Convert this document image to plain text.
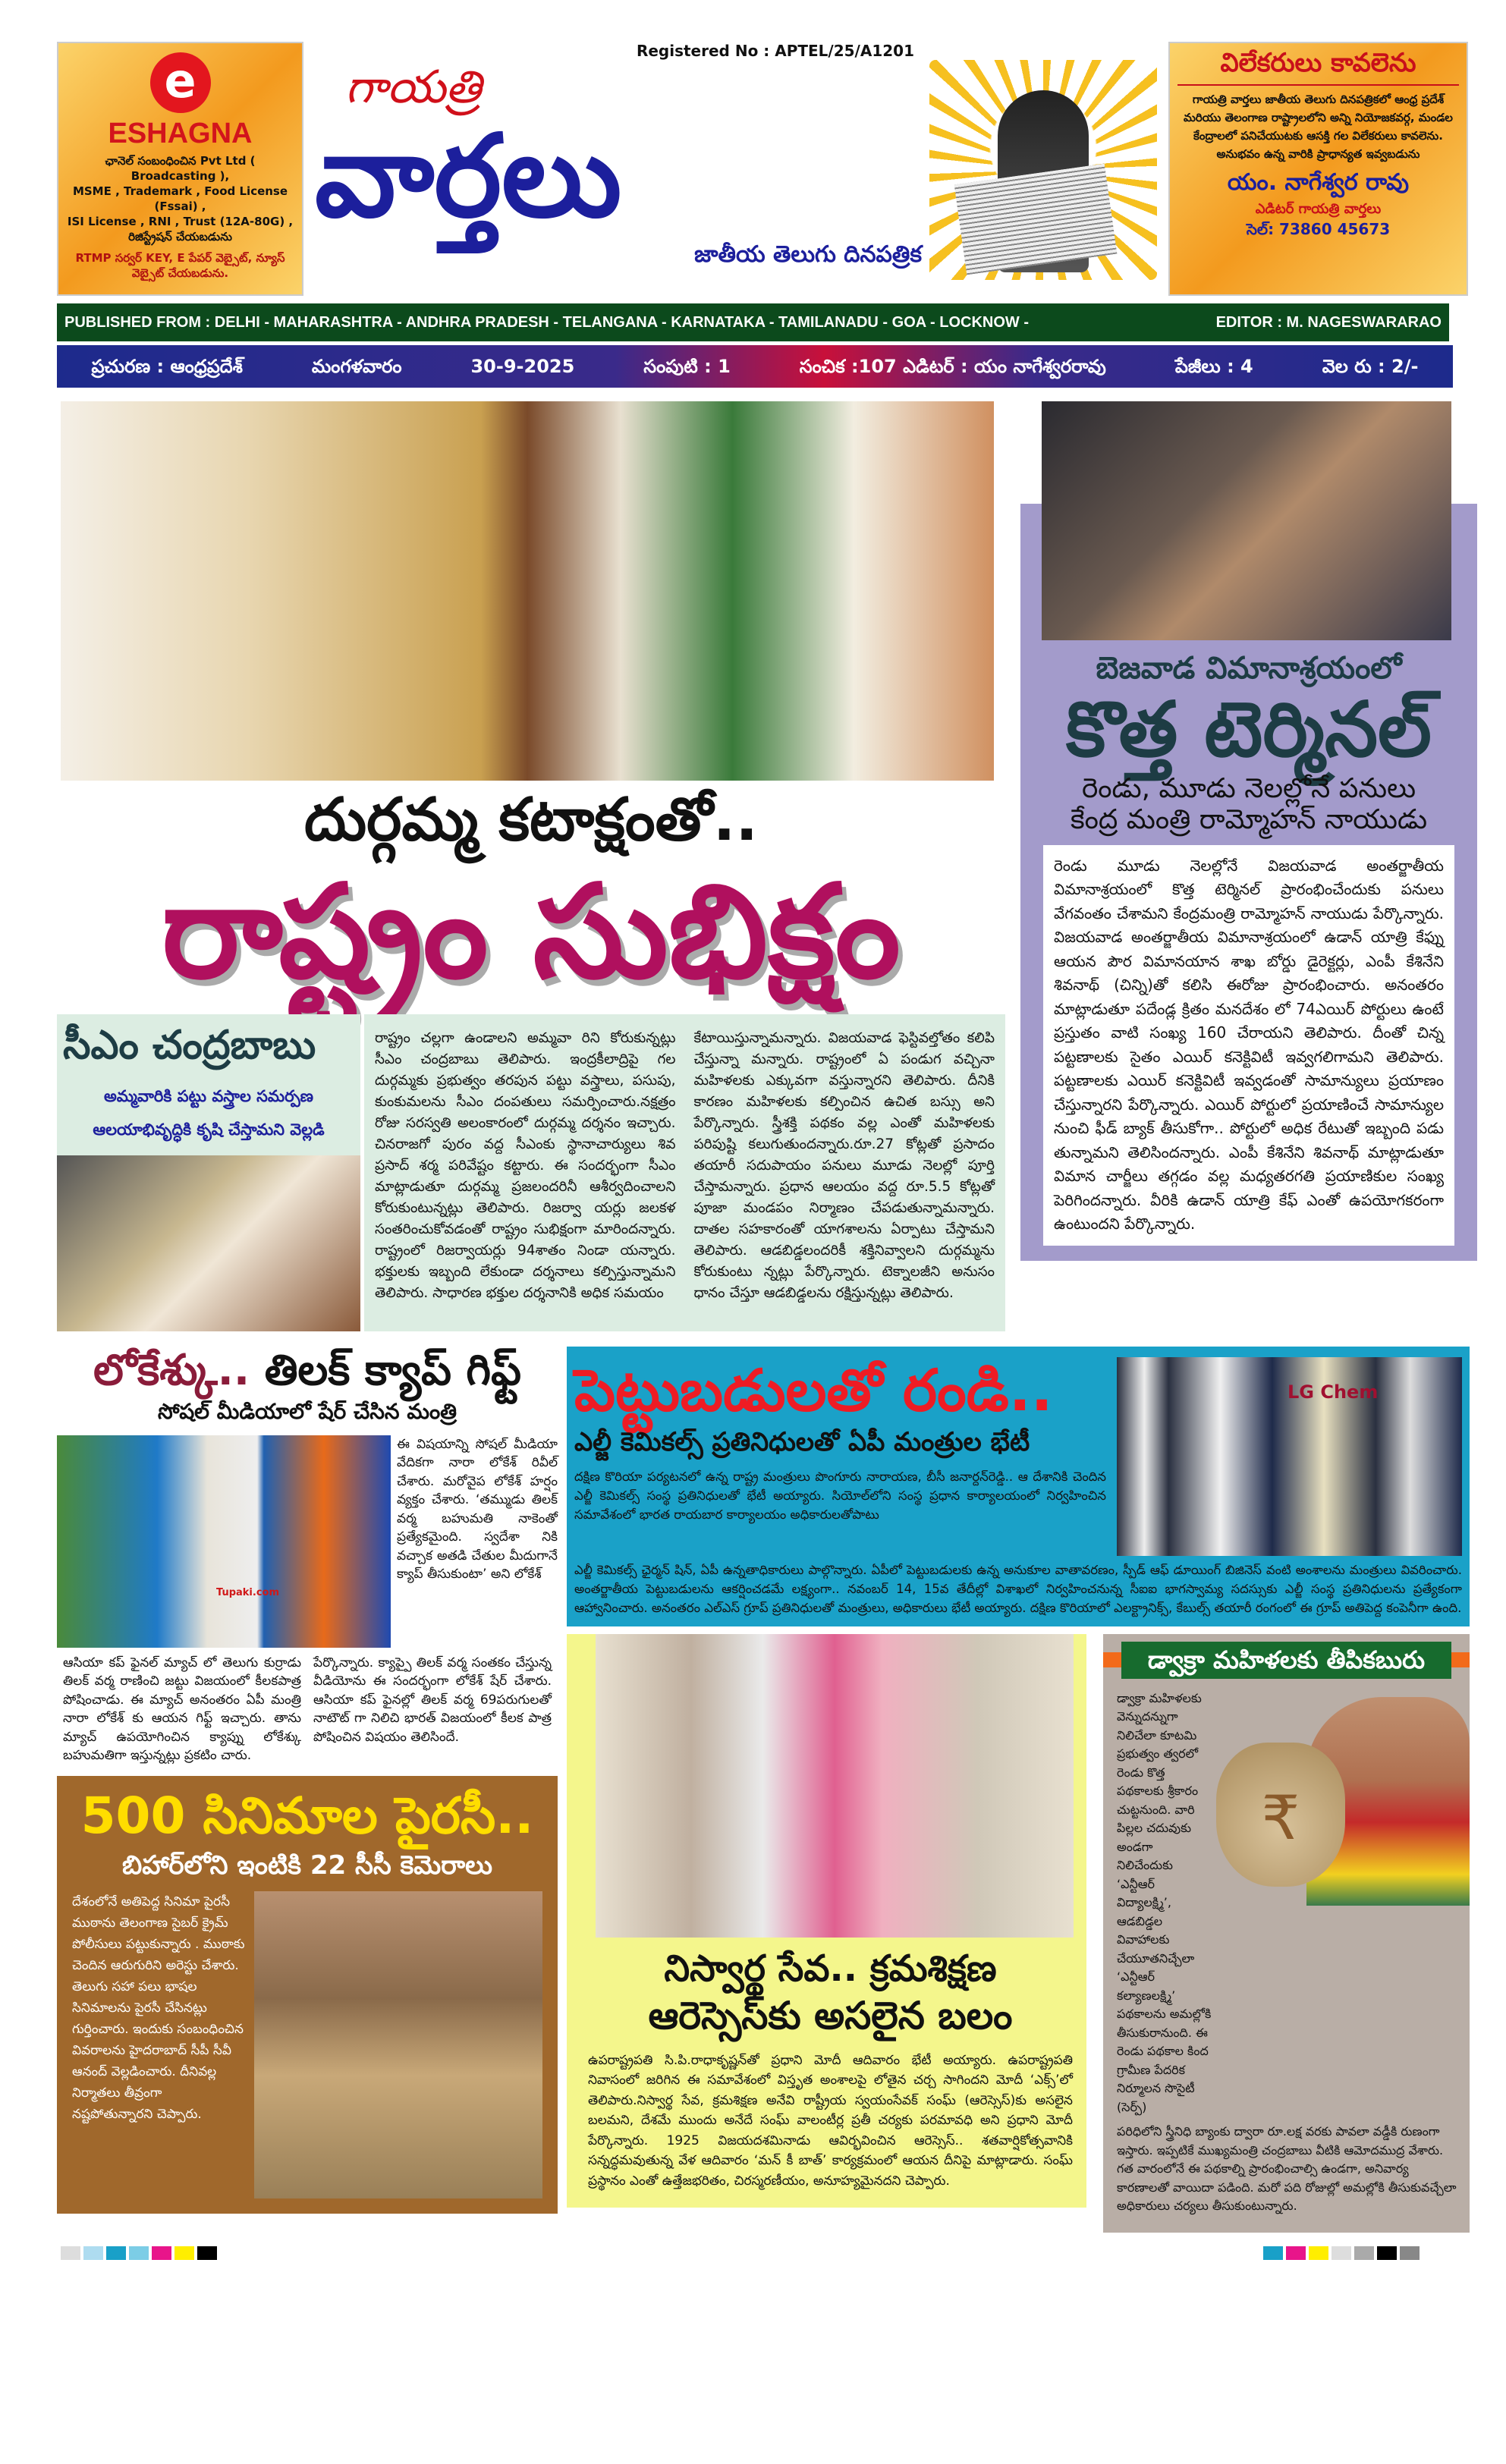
e
ESHAGNA
ఛానెల్ సంబంధించిన Pvt Ltd ( Broadcasting ),
MSME , Trademark , Food License (Fssai) ,
ISI License , RNI , Trust (12A-80G) ,
రిజిస్ట్రేషన్ చేయబడును
RTMP సర్వర్ KEY, E పేపర్ వెబ్సైట్, న్యూస్ వెబ్సైట్ చేయబడును.
Registered No : APTEL/25/A1201
గాయత్రి
వార్తలు
జాతీయ తెలుగు దినపత్రిక
విలేకరులు కావలెను
గాయత్రి వార్తలు జాతీయ తెలుగు దినపత్రికలో ఆంధ్ర ప్రదేశ్ మరియు తెలంగాణ రాష్ట్రాలలోని అన్ని నియోజకవర్గ, మండల కేంద్రాలలో పనిచేయుటకు ఆసక్తి గల విలేకరులు కావలెను. అనుభవం ఉన్న వారికి ప్రాధాన్యత ఇవ్వబడును
యం. నాగేశ్వర రావు
ఎడిటర్ గాయత్రి వార్తలు
సెల్: 73860 45673
PUBLISHED FROM : DELHI - MAHARASHTRA - ANDHRA PRADESH - TELANGANA - KARNATAKA - TAMILANADU - GOA - LOCKNOW -	EDITOR : M. NAGESWARARAO
ప్రచురణ : ఆంధ్రప్రదేశ్	మంగళవారం	30-9-2025	సంపుటి : 1	సంచిక :107 ఎడిటర్ : యం నాగేశ్వరరావు	పేజీలు : 4	వెల రు : 2/-
దుర్గమ్మ కటాక్షంతో..
రాష్ట్రం సుభిక్షం
సీఎం చంద్రబాబు
అమ్మవారికి పట్టు వస్త్రాల సమర్పణ
ఆలయాభివృద్ధికి కృషి చేస్తామని వెల్లడి
రాష్ట్రం చల్లగా ఉండాలని అమ్మవా రిని కోరుకున్నట్లు సీఎం చంద్రబాబు తెలిపారు. ఇంద్రకీలాద్రిపై గల దుర్గమ్మకు ప్రభుత్వం తరపున పట్టు వస్త్రాలు, పసుపు, కుంకుమలను సీఎం దంపతులు సమర్పించారు.నక్షత్రం రోజు సరస్వతి అలంకారంలో దుర్గమ్మ దర్శనం ఇచ్చారు. చినరాజగో పురం వద్ద సీఎంకు స్థానాచార్యులు శివ ప్రసాద్ శర్మ పరివేష్టం కట్టారు. ఈ సందర్భంగా సీఎం మాట్లాడుతూ దుర్గమ్మ ప్రజలందరినీ ఆశీర్వదించాలని కోరుకుంటున్నట్లు తెలిపారు. రిజర్వా యర్లు జలకళ సంతరించుకోవడంతో రాష్ట్రం సుభిక్షంగా మారిందన్నారు. రాష్ట్రంలో రిజర్వాయర్లు 94శాతం నిండా యన్నారు. భక్తులకు ఇబ్బంది లేకుండా దర్శనాలు కల్పిస్తున్నామని తెలిపారు. సాధారణ భక్తుల దర్శనానికి అధిక సమయం
కేటాయిస్తున్నామన్నారు. విజయవాడ ఫెస్టివల్తోతం కలిపి చేస్తున్నా మన్నారు. రాష్ట్రంలో ఏ పండుగ వచ్చినా మహిళలకు ఎక్కువగా వస్తున్నారని తెలిపారు. దీనికి కారణం మహిళలకు కల్పించిన ఉచిత బస్సు అని పేర్కొన్నారు. స్త్రీశక్తి పథకం వల్ల ఎంతో మహిళలకు పరిపుష్టి కలుగుతుందన్నారు.రూ.27 కోట్లతో ప్రసాదం తయారీ సదుపాయం పనులు మూడు నెలల్లో పూర్తి చేస్తామన్నారు. ప్రధాన ఆలయం వద్ద రూ.5.5 కోట్లతో పూజా మండపం నిర్మాణం చేపడుతున్నామన్నారు. దాతల సహకారంతో యాగశాలను ఏర్పాటు చేస్తామని తెలిపారు. ఆడబిడ్డలందరికీ శక్తినివ్వాలని దుర్గమ్మను కోరుకుంటు న్నట్లు పేర్కొన్నారు. టెక్నాలజీని అనుసం ధానం చేస్తూ ఆడబిడ్డలను రక్షిస్తున్నట్లు తెలిపారు.
బెజవాడ విమానాశ్రయంలో
కొత్త టెర్మినల్
రెండు, మూడు నెలల్లోనే పనులు
కేంద్ర మంత్రి రామ్మోహన్ నాయుడు
రెండు మూడు నెలల్లోనే విజయవాడ అంతర్జాతీయ విమానాశ్రయంలో కొత్త టెర్మినల్ ప్రారంభించేందుకు పనులు వేగవంతం చేశామని కేంద్రమంత్రి రామ్మోహన్ నాయుడు పేర్కొన్నారు. విజయవాడ అంతర్జాతీయ విమానాశ్రయంలో ఉడాన్ యాత్రి కేఫ్ను ఆయన పౌర విమానయాన శాఖ బోర్డు డైరెక్టర్లు, ఎంపీ కేశినేని శివనాథ్ (చిన్ని)తో కలిసి ఈరోజు ప్రారంభించారు. అనంతరం మాట్లాడుతూ పదేండ్ల క్రితం మనదేశం లో 74ఎయిర్ పోర్టులు ఉంటే ప్రస్తుతం వాటి సంఖ్య 160 చేరాయని తెలిపారు. దీంతో చిన్న పట్టణాలకు సైతం ఎయిర్ కనెక్టివిటీ ఇవ్వగలిగామని తెలిపారు. పట్టణాలకు ఎయిర్ కనెక్టివిటీ ఇవ్వడంతో సామాన్యులు ప్రయాణం చేస్తున్నారని పేర్కొన్నారు. ఎయిర్ పోర్టులో ప్రయాణించే సామాన్యుల నుంచి ఫీడ్ బ్యాక్ తీసుకోగా.. పోర్టులో అధిక రేటుతో ఇబ్బంది పడు తున్నామని తెలిసిందన్నారు. ఎంపీ కేశినేని శివనాథ్ మాట్లాడుతూ విమాన చార్జీలు తగ్గడం వల్ల మధ్యతరగతి ప్రయాణికుల సంఖ్య పెరిగిందన్నారు. వీరికి ఉడాన్ యాత్రి కేఫ్ ఎంతో ఉపయోగకరంగా ఉంటుందని పేర్కొన్నారు.
లోకేశ్కు.. తిలక్ క్యాప్ గిఫ్ట్
సోషల్ మీడియాలో షేర్ చేసిన మంత్రి
Tupaki.com
ఈ విషయాన్ని సోషల్ మీడియా వేదికగా నారా లోకేశ్ రివీల్ చేశారు. మరోవైప లోకేశ్ హర్షం వ్యక్తం చేశారు. ‘తమ్ముడు తిలక్ వర్మ బహుమతి నాకెంతో ప్రత్యేకమైంది. స్వదేశా నికి వచ్చాక అతడి చేతుల మీదుగానే క్యాప్ తీసుకుంటా’ అని లోకేశ్
ఆసియా కప్ ఫైనల్ మ్యాచ్ లో తెలుగు కుర్రాడు తిలక్ వర్మ రాణించి జట్టు విజయంలో కీలకపాత్ర పోషించాడు. ఈ మ్యాచ్ అనంతరం ఏపీ మంత్రి నారా లోకేశ్ కు ఆయన గిఫ్ట్ ఇచ్చారు. తాను మ్యాచ్ ఉపయోగించిన క్యాప్ను లోకేశ్కు బహుమతిగా ఇస్తున్నట్లు ప్రకటిం చారు.
పేర్కొన్నారు. క్యాప్పై తిలక్ వర్మ సంతకం చేస్తున్న వీడియోను ఈ సందర్భంగా లోకేశ్ షేర్ చేశారు. ఆసియా కప్ ఫైనల్లో తిలక్ వర్మ 69పరుగులతో నాటౌట్ గా నిలిచి భారత్ విజయంలో కీలక పాత్ర పోషించిన విషయం తెలిసిందే.
500 సినిమాల పైరసీ..
బిహార్‌లోని ఇంటికి 22 సీసీ కెమెరాలు
దేశంలోనే అతిపెద్ద సినిమా పైరసీ ముఠాను తెలంగాణ సైబర్ క్రైమ్ పోలీసులు పట్టుకున్నారు . ముఠాకు చెందిన ఆరుగురిని అరెస్టు చేశారు. తెలుగు సహా పలు భాషల సినిమాలను పైరసీ చేసినట్లు గుర్తించారు. ఇందుకు సంబంధించిన వివరాలను హైదరాబాద్ సీపీ సీవీ ఆనంద్ వెల్లడించారు. దీనివల్ల నిర్మాతలు తీవ్రంగా నష్టపోతున్నారని చెప్పారు.
పెట్టుబడులతో రండి..
ఎల్జీ కెమికల్స్ ప్రతినిధులతో ఏపీ మంత్రుల భేటీ
దక్షిణ కొరియా పర్యటనలో ఉన్న రాష్ట్ర మంత్రులు పొంగూరు నారాయణ, బీసీ జనార్దన్‌రెడ్డి.. ఆ దేశానికి చెందిన ఎల్జీ కెమికల్స్ సంస్థ ప్రతినిధులతో భేటీ అయ్యారు. సియోల్‌లోని సంస్థ ప్రధాన కార్యాలయంలో నిర్వహించిన సమావేశంలో భారత రాయబార కార్యాలయం అధికారులతోపాటు
LG Chem
ఎల్జీ కెమికల్స్ ఛైర్మన్ షిన్, ఏపీ ఉన్నతాధికారులు పాల్గొన్నారు. ఏపీలో పెట్టుబడులకు ఉన్న అనుకూల వాతావరణం, స్పీడ్ ఆఫ్ డూయింగ్ బిజినెస్ వంటి అంశాలను మంత్రులు వివరించారు. అంతర్జాతీయ పెట్టుబడులను ఆకర్షించడమే లక్ష్యంగా.. నవంబర్ 14, 15వ తేదీల్లో విశాఖలో నిర్వహించనున్న సీఐఐ భాగస్వామ్య సదస్సుకు ఎల్జీ సంస్థ ప్రతినిధులను ప్రత్యేకంగా ఆహ్వానించారు. అనంతరం ఎల్ఎస్ గ్రూప్ ప్రతినిధులతో మంత్రులు, అధికారులు భేటీ అయ్యారు. దక్షిణ కొరియాలో ఎలక్ట్రానిక్స్, కేబుల్స్ తయారీ రంగంలో ఈ గ్రూప్ అతిపెద్ద కంపెనీగా ఉంది.
నిస్వార్థ సేవ.. క్రమశిక్షణ
ఆరెస్సెస్‌కు అసలైన బలం
ఉపరాష్ట్రపతి సి.పి.రాధాకృష్ణన్‌తో ప్రధాని మోదీ ఆదివారం భేటీ అయ్యారు. ఉపరాష్ట్రపతి నివాసంలో జరిగిన ఈ సమావేశంలో విస్తృత అంశాలపై లోతైన చర్చ సాగిందని మోదీ ‘ఎక్స్’లో తెలిపారు.నిస్వార్థ సేవ, క్రమశిక్షణ అనేవి రాష్ట్రీయ స్వయంసేవక్ సంఘ్ (ఆరెస్సెస్)కు అసలైన బలమని, దేశమే ముందు అనేదే సంఘ్ వాలంటీర్ల ప్రతీ చర్యకు పరమావధి అని ప్రధాని మోదీ పేర్కొన్నారు. 1925 విజయదశమినాడు ఆవిర్భవించిన ఆరెస్సెస్.. శతవార్షికోత్సవానికి సన్నద్ధమవుతున్న వేళ ఆదివారం ‘మన్ కీ బాత్’ కార్యక్రమంలో ఆయన దీనిపై మాట్లాడారు. సంఘ్ ప్రస్థానం ఎంతో ఉత్తేజభరితం, చిరస్మరణీయం, అనూహ్యమైనదని చెప్పారు.
డ్వాక్రా మహిళలకు తీపికబురు
డ్వాక్రా మహిళలకు వెన్నుదన్నుగా నిలిచేలా కూటమి ప్రభుత్వం త్వరలో రెండు కొత్త పథకాలకు శ్రీకారం చుట్టనుంది. వారి పిల్లల చదువుకు అండగా నిలిచేందుకు ‘ఎన్టీఆర్ విద్యాలక్ష్మి’, ఆడబిడ్డల వివాహాలకు చేయూతనిచ్చేలా ‘ఎన్టీఆర్ కల్యాణలక్ష్మి’ పథకాలను అమల్లోకి తీసుకురానుంది. ఈ రెండు పథకాల కింద గ్రామీణ పేదరిక నిర్మూలన సొసైటీ (సెర్ప్)
₹
పరిధిలోని స్త్రీనిధి బ్యాంకు ద్వారా రూ.లక్ష వరకు పావలా వడ్డీకి రుణంగా ఇస్తారు. ఇప్పటికే ముఖ్యమంత్రి చంద్రబాబు వీటికి ఆమోదముద్ర వేశారు. గత వారంలోనే ఈ పథకాల్ని ప్రారంభించాల్సి ఉండగా, అనివార్య కారణాలతో వాయిదా పడింది. మరో పది రోజుల్లో అమల్లోకి తీసుకువచ్చేలా అధికారులు చర్యలు తీసుకుంటున్నారు.
